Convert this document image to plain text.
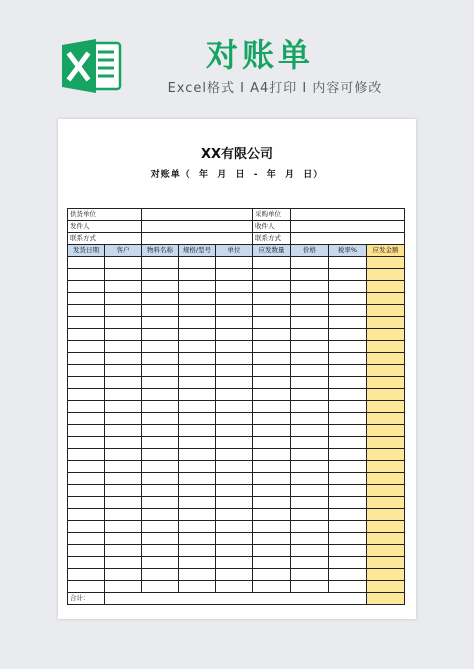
对账单
Excel格式 I A4打印 I 内容可修改
XX有限公司
对账单（  年  月  日  -  年  月  日）
供货单位					采购单位			
发件人					收件人			
联系方式					联系方式			
发货日期	客户	物料名称	规格/型号	单位	应发数量	价格	税率%	应发金额

合计：								
